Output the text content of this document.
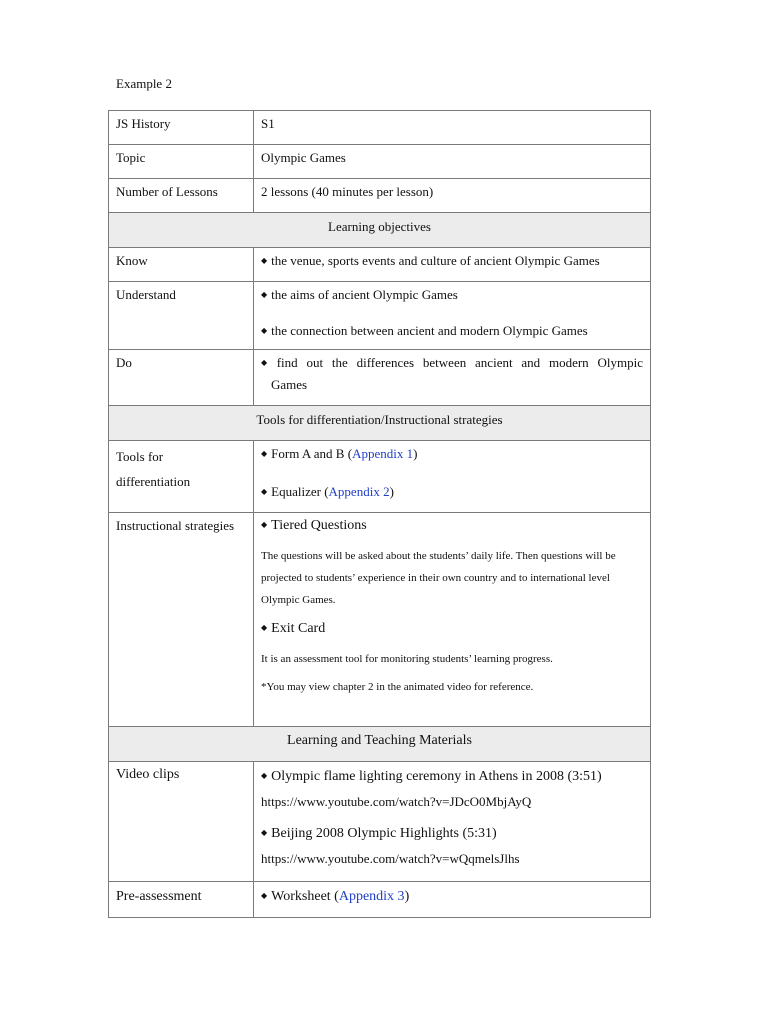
Example 2
JS History	S1
Topic	Olympic Games
Number of Lessons	2 lessons (40 minutes per lesson)
Learning objectives	
Know	◆ the venue, sports events and culture of ancient Olympic Games

Understand	◆ the aims of ancient Olympic Games
◆ the connection between ancient and modern Olympic Games

Do	◆ find out the differences between ancient and modern Olympic
Games

Tools for differentiation/Instructional strategies	

Tools for
differentiation	◆ Form A and B (Appendix 1)
◆ Equalizer (Appendix 2)

Instructional strategies	◆ Tiered Questions
The questions will be asked about the students’ daily life. Then questions will be projected to students’ experience in their own country and to international level Olympic Games.
◆ Exit Card
It is an assessment tool for monitoring students’ learning progress.
*You may view chapter 2 in the animated video for reference.

Learning and Teaching Materials	
Video clips	◆ Olympic flame lighting ceremony in Athens in 2008 (3:51)
https://www.youtube.com/watch?v=JDcO0MbjAyQ
◆ Beijing 2008 Olympic Highlights (5:31)
https://www.youtube.com/watch?v=wQqmelsJlhs

Pre-assessment	◆ Worksheet (Appendix 3)
